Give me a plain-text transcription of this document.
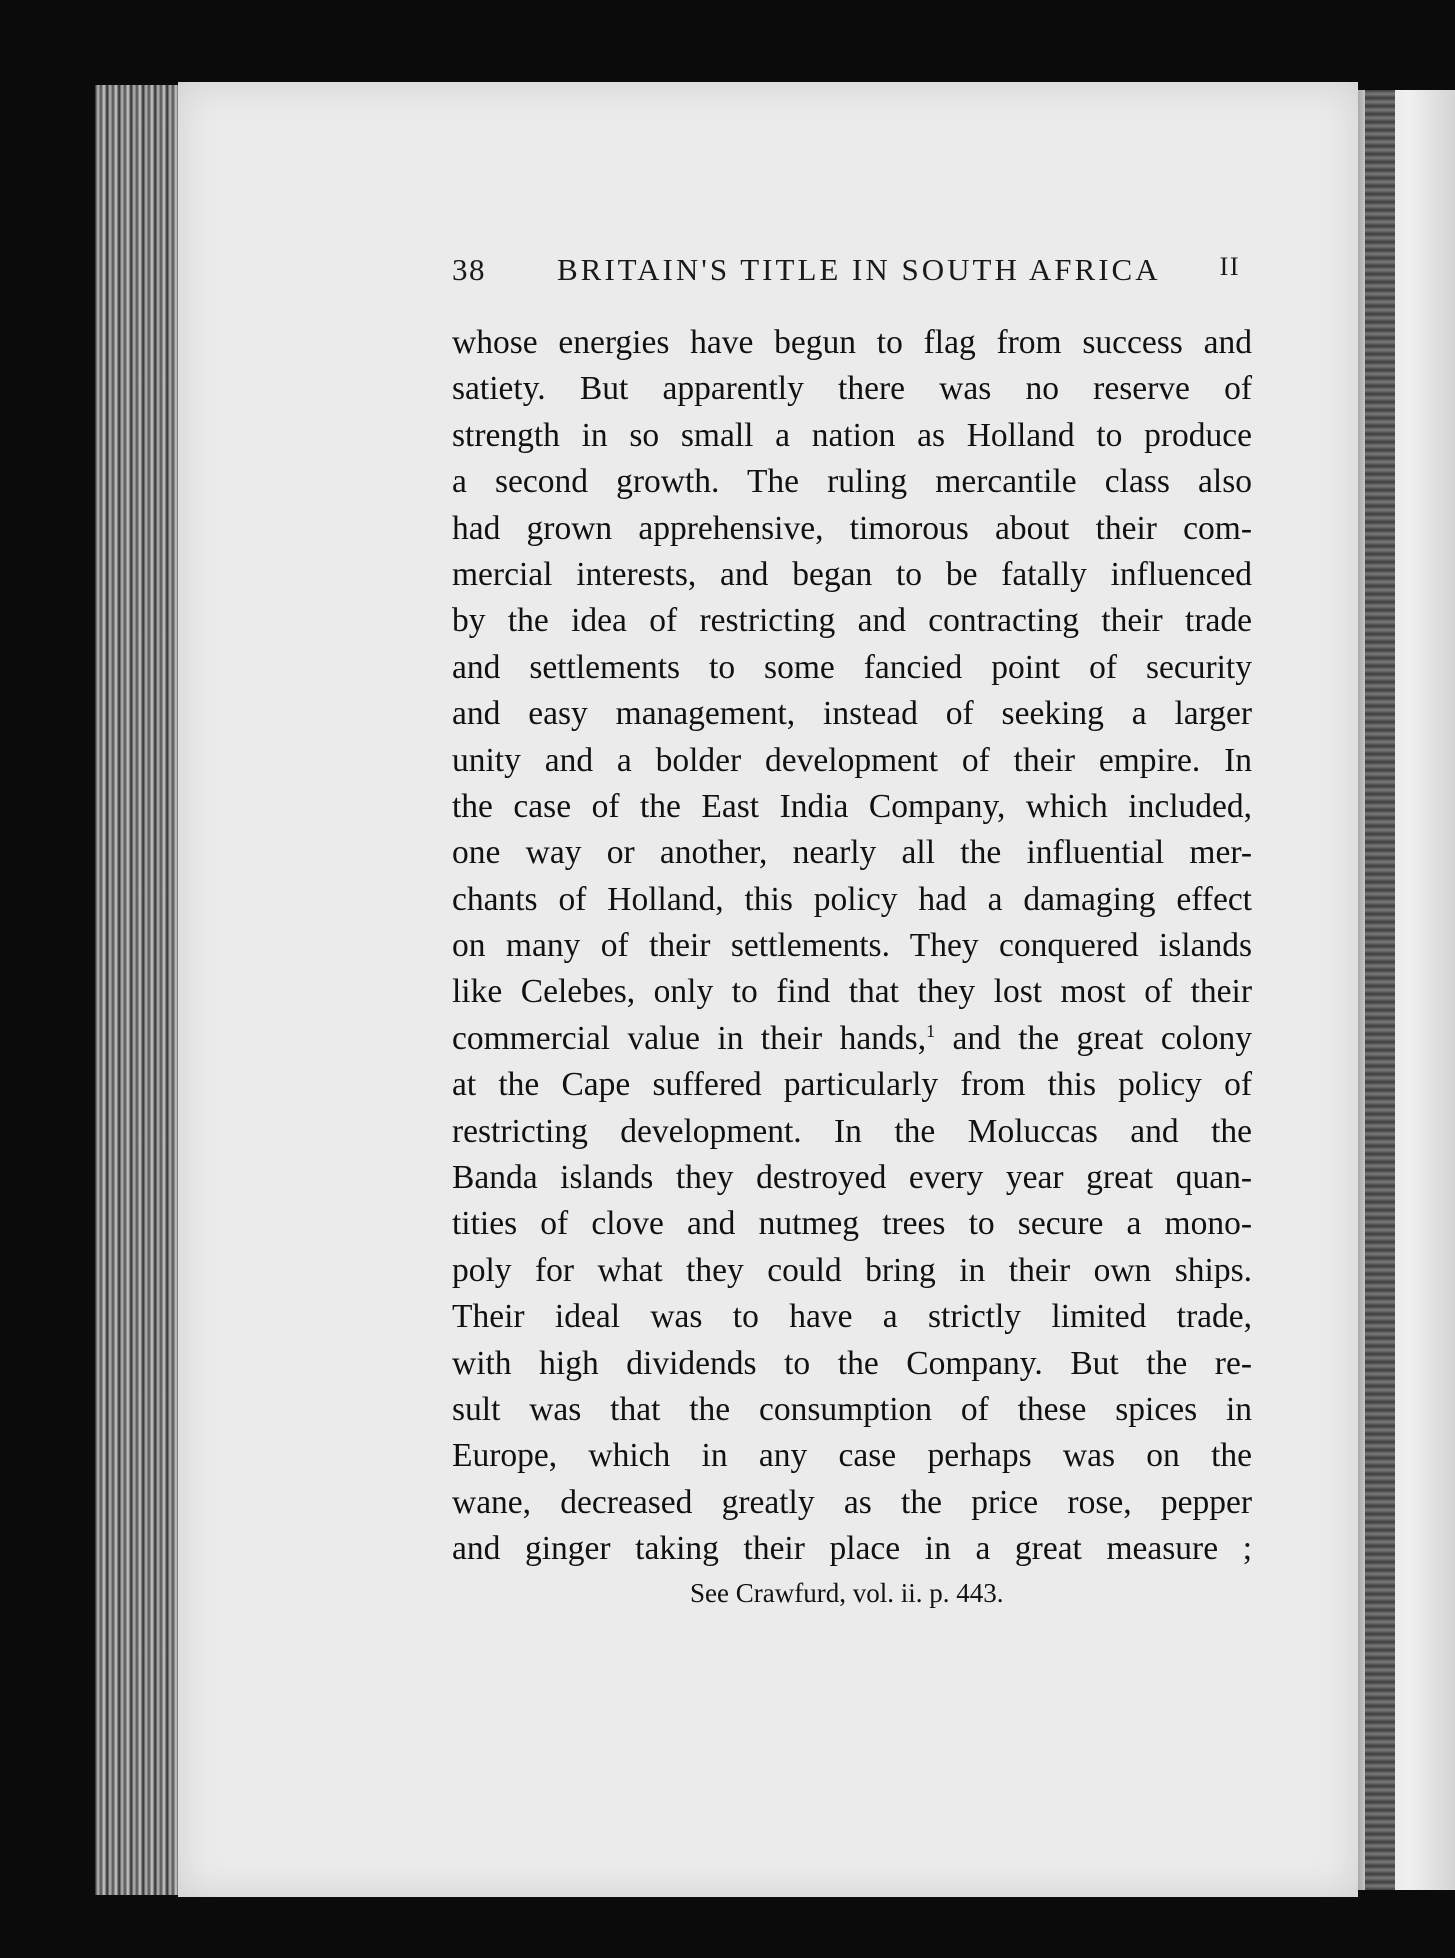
38 BRITAIN'S TITLE IN SOUTH AFRICA II
whose energies have begun to flag from success and
satiety. But apparently there was no reserve of
strength in so small a nation as Holland to produce
a second growth. The ruling mercantile class also
had grown apprehensive, timorous about their com-
mercial interests, and began to be fatally influenced
by the idea of restricting and contracting their trade
and settlements to some fancied point of security
and easy management, instead of seeking a larger
unity and a bolder development of their empire. In
the case of the East India Company, which included,
one way or another, nearly all the influential mer-
chants of Holland, this policy had a damaging effect
on many of their settlements. They conquered islands
like Celebes, only to find that they lost most of their
commercial value in their hands,$^1$ and the great colony
at the Cape suffered particularly from this policy of
restricting development. In the Moluccas and the
Banda islands they destroyed every year great quan-
tities of clove and nutmeg trees to secure a mono-
poly for what they could bring in their own ships.
Their ideal was to have a strictly limited trade,
with high dividends to the Company. But the re-
sult was that the consumption of these spices in
Europe, which in any case perhaps was on the
wane, decreased greatly as the price rose, pepper
and ginger taking their place in a great measure ;
See Crawfurd, vol. ii. p. 443.
